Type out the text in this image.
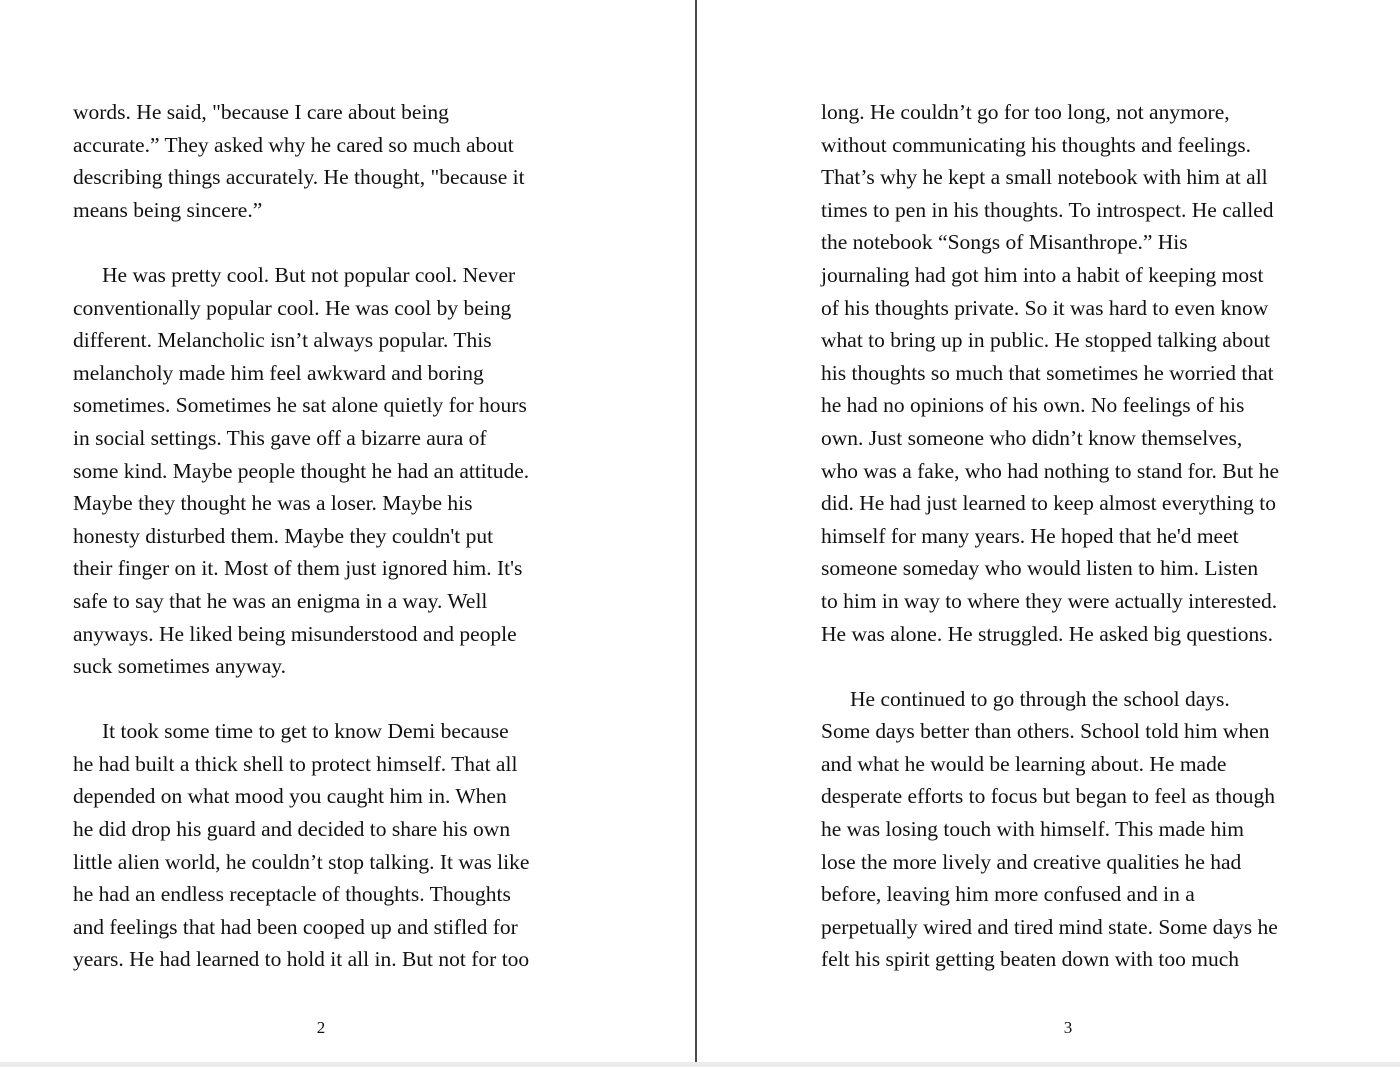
words. He said, "because I care about being
accurate.” They asked why he cared so much about
describing things accurately. He thought, "because it
means being sincere.”

He was pretty cool. But not popular cool. Never
conventionally popular cool. He was cool by being
different. Melancholic isn’t always popular. This
melancholy made him feel awkward and boring
sometimes. Sometimes he sat alone quietly for hours
in social settings. This gave off a bizarre aura of
some kind. Maybe people thought he had an attitude.
Maybe they thought he was a loser. Maybe his
honesty disturbed them. Maybe they couldn't put
their finger on it. Most of them just ignored him. It's
safe to say that he was an enigma in a way. Well
anyways. He liked being misunderstood and people
suck sometimes anyway.

It took some time to get to know Demi because
he had built a thick shell to protect himself. That all
depended on what mood you caught him in. When
he did drop his guard and decided to share his own
little alien world, he couldn’t stop talking. It was like
he had an endless receptacle of thoughts. Thoughts
and feelings that had been cooped up and stifled for
years. He had learned to hold it all in. But not for too

2

long. He couldn’t go for too long, not anymore,
without communicating his thoughts and feelings.
That’s why he kept a small notebook with him at all
times to pen in his thoughts. To introspect. He called
the notebook “Songs of Misanthrope.” His
journaling had got him into a habit of keeping most
of his thoughts private. So it was hard to even know
what to bring up in public. He stopped talking about
his thoughts so much that sometimes he worried that
he had no opinions of his own. No feelings of his
own. Just someone who didn’t know themselves,
who was a fake, who had nothing to stand for. But he
did. He had just learned to keep almost everything to
himself for many years. He hoped that he'd meet
someone someday who would listen to him. Listen
to him in way to where they were actually interested.
He was alone. He struggled. He asked big questions.

He continued to go through the school days.
Some days better than others. School told him when
and what he would be learning about. He made
desperate efforts to focus but began to feel as though
he was losing touch with himself. This made him
lose the more lively and creative qualities he had
before, leaving him more confused and in a
perpetually wired and tired mind state. Some days he
felt his spirit getting beaten down with too much

3
